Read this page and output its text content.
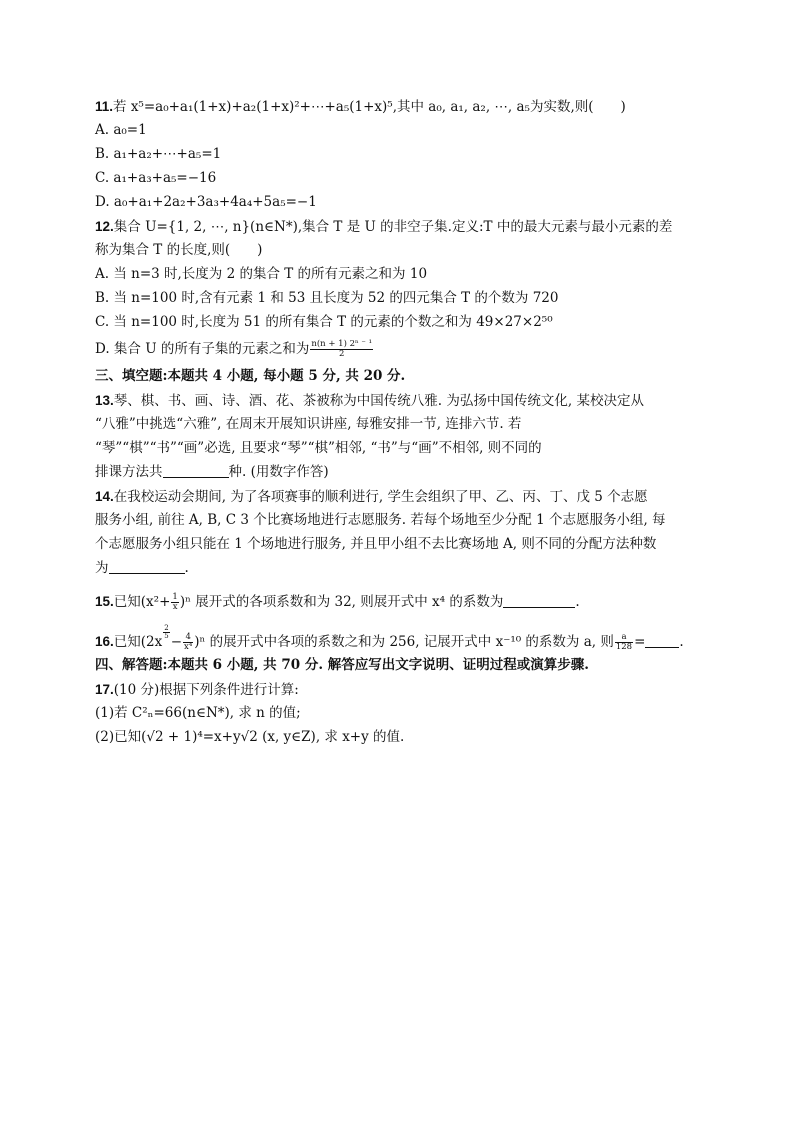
11.若 x⁵=a₀+a₁(1+x)+a₂(1+x)²+⋯+a₅(1+x)⁵,其中 a₀, a₁, a₂, ⋯, a₅为实数,则(　　)
A. a₀=1
B. a₁+a₂+⋯+a₅=1
C. a₁+a₃+a₅=−16
D. a₀+a₁+2a₂+3a₃+4a₄+5a₅=−1
12.集合 U={1, 2, ⋯, n}(n∈N*),集合 T 是 U 的非空子集.定义:T 中的最大元素与最小元素的差
称为集合 T 的长度,则(　　)
A. 当 n=3 时,长度为 2 的集合 T 的所有元素之和为 10
B. 当 n=100 时,含有元素 1 和 53 且长度为 52 的四元集合 T 的个数为 720
C. 当 n=100 时,长度为 51 的所有集合 T 的元素的个数之和为 49×27×2⁵⁰
D. 集合 U 的所有子集的元素之和为 $\frac{\text{n(n + 1) 2ⁿ ⁻ ¹}}{2}$
三、填空题:本题共 4 小题, 每小题 5 分, 共 20 分.
13.琴、棋、书、画、诗、酒、花、茶被称为中国传统八雅. 为弘扬中国传统文化, 某校决定从
“八雅”中挑选“六雅”, 在周末开展知识讲座, 每雅安排一节, 连排六节. 若
“琴”“棋”“书”“画”必选, 且要求“琴”“棋”相邻, “书”与“画”不相邻, 则不同的
排课方法共	种. (用数字作答)
14.在我校运动会期间, 为了各项赛事的顺利进行, 学生会组织了甲、乙、丙、丁、戊 5 个志愿
服务小组, 前往 A, B, C 3 个比赛场地进行志愿服务. 若每个场地至少分配 1 个志愿服务小组, 每
个志愿服务小组只能在 1 个场地进行服务, 并且甲小组不去比赛场地 A, 则不同的分配方法种数
为	.
15.已知$(x^2+ \frac{1}{x} )^n$ 展开式的各项系数和为 32, 则展开式中 x⁴ 的系数为	.
16.已知(2x
$\frac{2}{5}$
− $\frac{4}{\text{x⁴}} )^n$ 的展开式中各项的系数之和为 256, 记展开式中 x⁻¹⁰ 的系数为 a, 则 $\frac{a}{128}$ =	.
四、解答题:本题共 6 小题, 共 70 分. 解答应写出文字说明、证明过程或演算步骤.
17.(10 分)根据下列条件进行计算:
(1)若 C²ₙ=66(n∈N*), 求 n 的值;
(2)已知(√2 + 1)⁴=x+y√2 (x, y∈Z), 求 x+y 的值.
